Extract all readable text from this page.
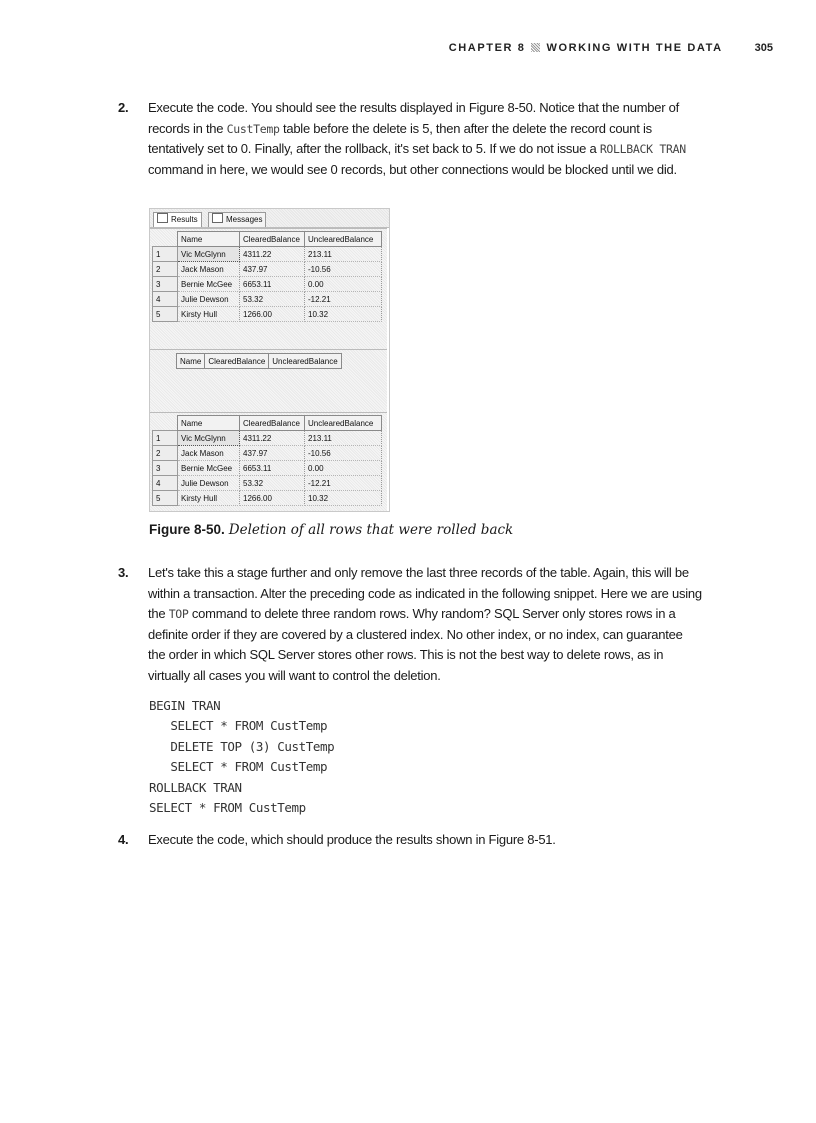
CHAPTER 8 WORKING WITH THE DATA	305
2. Execute the code. You should see the results displayed in Figure 8-50. Notice that the number of records in the CustTemp table before the delete is 5, then after the delete the record count is tentatively set to 0. Finally, after the rollback, it's set back to 5. If we do not issue a ROLLBACK TRAN command in here, we would see 0 records, but other connections would be blocked until we did.
Results	Messages
	Name	ClearedBalance	UnclearedBalance
1	Vic McGlynn	4311.22	213.11
2	Jack Mason	437.97	-10.56
3	Bernie McGee	6653.11	0.00
4	Julie Dewson	53.32	-12.21
5	Kirsty Hull	1266.00	10.32
	Name	ClearedBalance	UnclearedBalance
	Name	ClearedBalance	UnclearedBalance
1	Vic McGlynn	4311.22	213.11
2	Jack Mason	437.97	-10.56
3	Bernie McGee	6653.11	0.00
4	Julie Dewson	53.32	-12.21
5	Kirsty Hull	1266.00	10.32
Figure 8-50. Deletion of all rows that were rolled back
3. Let's take this a stage further and only remove the last three records of the table. Again, this will be within a transaction. Alter the preceding code as indicated in the following snippet. Here we are using the TOP command to delete three random rows. Why random? SQL Server only stores rows in a definite order if they are covered by a clustered index. No other index, or no index, can guarantee the order in which SQL Server stores other rows. This is not the best way to delete rows, as in virtually all cases you will want to control the deletion.
BEGIN TRAN
SELECT * FROM CustTemp
DELETE TOP (3) CustTemp
SELECT * FROM CustTemp
ROLLBACK TRAN
SELECT * FROM CustTemp
4. Execute the code, which should produce the results shown in Figure 8-51.
